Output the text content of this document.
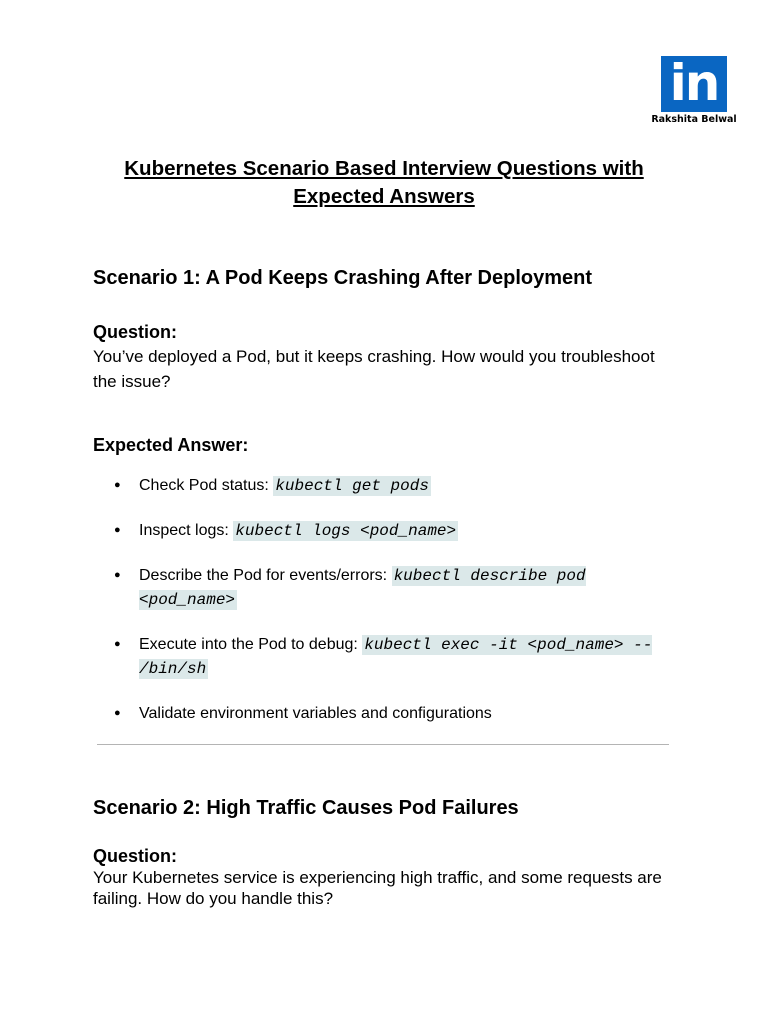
in
Rakshita Belwal
Kubernetes Scenario Based Interview Questions with Expected Answers
Scenario 1: A Pod Keeps Crashing After Deployment
Question:

You’ve deployed a Pod, but it keeps crashing. How would you troubleshoot the issue?

Expected Answer:
● Check Pod status: kubectl get pods
● Inspect logs: kubectl logs <pod_name>
● Describe the Pod for events/errors: kubectl describe pod <pod_name>
● Execute into the Pod to debug: kubectl exec -it <pod_name> -- /bin/sh
● Validate environment variables and configurations
Scenario 2: High Traffic Causes Pod Failures
Question:

Your Kubernetes service is experiencing high traffic, and some requests are failing. How do you handle this?
